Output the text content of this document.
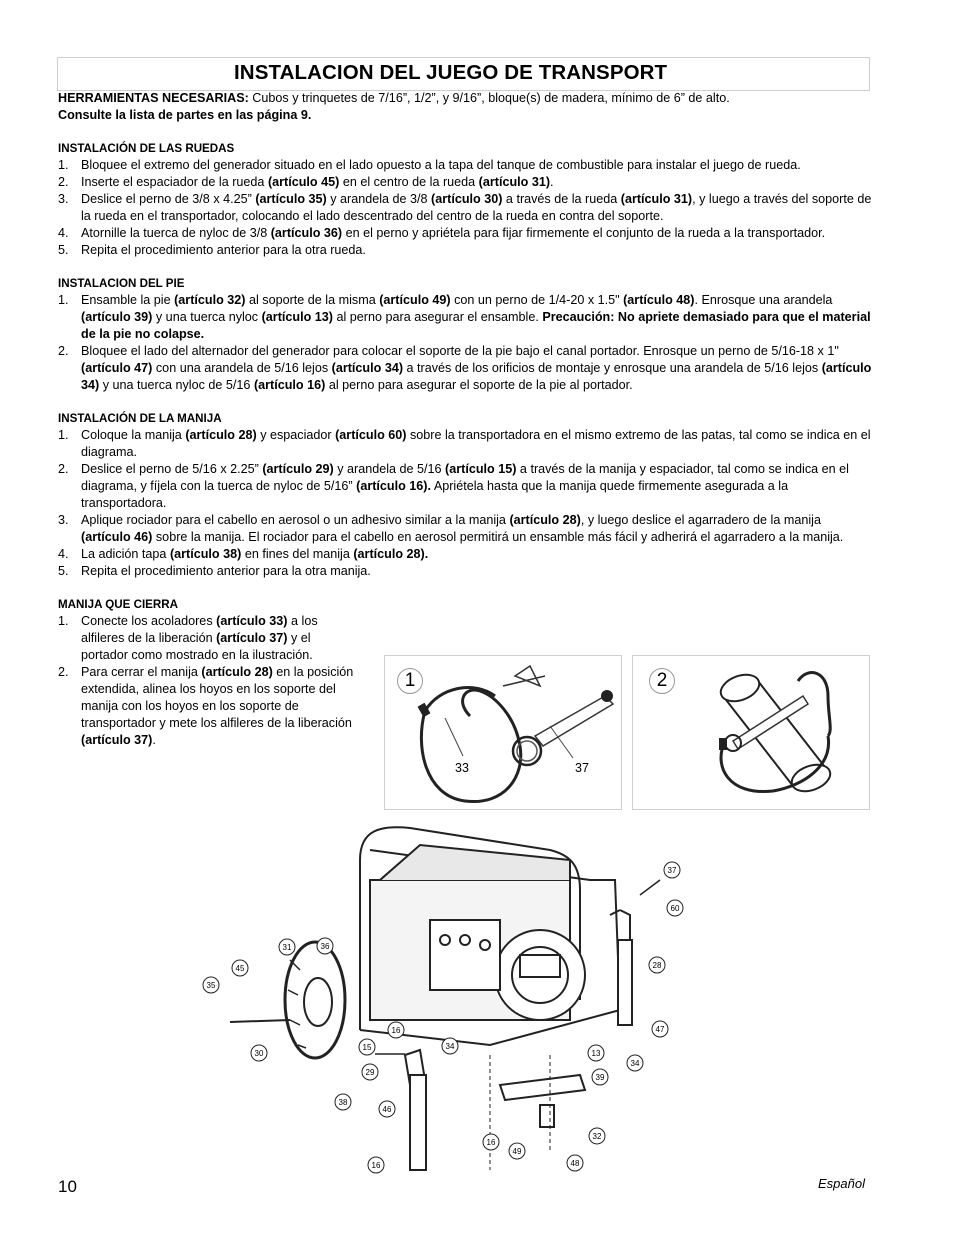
INSTALACION DEL JUEGO DE TRANSPORT

HERRAMIENTAS NECESARIAS: Cubos y trinquetes de 7/16”, 1/2”, y 9/16”, bloque(s) de madera, mínimo de 6” de alto.

Consulte la lista de partes en las página 9.

INSTALACIÓN DE LAS RUEDAS

1. Bloquee el extremo del generador situado en el lado opuesto a la tapa del tanque de combustible para instalar el juego de rueda.
2. Inserte el espaciador de la rueda (artículo 45) en el centro de la rueda (artículo 31).
3. Deslice el perno de 3/8 x 4.25” (artículo 35) y arandela de 3/8 (artículo 30) a través de la rueda (artículo 31), y luego a través del soporte de la rueda en el transportador, colocando el lado descentrado del centro de la rueda en contra del soporte.
4. Atornille la tuerca de nyloc de 3/8 (artículo 36) en el perno y apriétela para fijar firmemente el conjunto de la rueda a la transportador.
5. Repita el procedimiento anterior para la otra rueda.

INSTALACION DEL PIE

1. Ensamble la pie (artículo 32) al soporte de la misma (artículo 49) con un perno de 1/4-20 x 1.5" (artículo 48). Enrosque una arandela (artículo 39) y una tuerca nyloc (artículo 13) al perno para asegurar el ensamble. Precaución: No apriete demasiado para que el material de la pie no colapse.
2. Bloquee el lado del alternador del generador para colocar el soporte de la pie bajo el canal portador. Enrosque un perno de 5/16-18 x 1" (artículo 47) con una arandela de 5/16 lejos (artículo 34) a través de los orificios de montaje y enrosque una arandela de 5/16 lejos (artículo 34) y una tuerca nyloc de 5/16 (artículo 16) al perno para asegurar el soporte de la pie al portador.

INSTALACIÓN DE LA MANIJA

1. Coloque la manija (artículo 28) y espaciador (artículo 60) sobre la transportadora en el mismo extremo de las patas, tal como se indica en el diagrama.
2. Deslice el perno de 5/16 x 2.25” (artículo 29) y arandela de 5/16 (artículo 15) a través de la manija y espaciador, tal como se indica en el diagrama, y fíjela con la tuerca de nyloc de 5/16” (artículo 16). Apriétela hasta que la manija quede firmemente asegurada a la transportadora.
3. Aplique rociador para el cabello en aerosol o un adhesivo similar a la manija (artículo 28), y luego deslice el agarradero de la manija (artículo 46) sobre la manija. El rociador para el cabello en aerosol permitirá un ensamble más fácil y adherirá el agarradero a la manija.
4. La adición tapa (artículo 38) en fines del manija (artículo 28).
5. Repita el procedimiento anterior para la otra manija.

MANIJA QUE CIERRA

1. Conecte los acoladores (artículo 33) a los alfileres de la liberación (artículo 37) y el portador como mostrado en la ilustración.
2. Para cerrar el manija (artículo 28) en la posición extendida, alinea los hoyos en los soporte del manija con los hoyos en los soporte de transportador y mete los alfileres de la liberación (artículo 37).
1
33	37
2
31	36
45
35
30
16
15
29
38
46
16
34
16
49
48
32
39
13
34
47
28
60
37
10	Español
